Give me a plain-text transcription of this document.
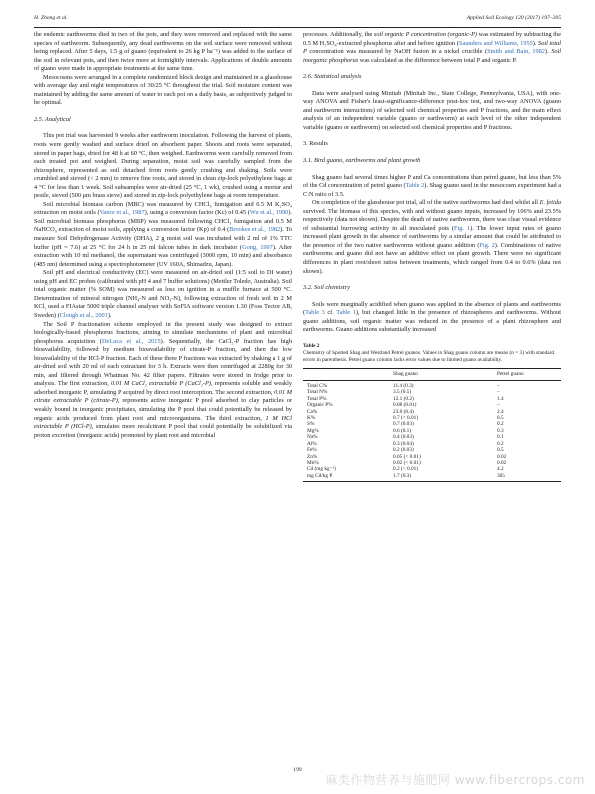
H. Zhong et al.	Applied Soil Ecology 120 (2017) 197–205

the endemic earthworms died in two of the pots, and they were removed and replaced with the same species of earthworm. Subsequently, any dead earthworms on the soil surface were removed without being replaced. After 5 days, 1.5 g of guano (equivalent to 26 kg P ha⁻¹) was added to the surface of the soil in relevant pots, and then twice more at fortnightly intervals. Applications of double amounts of guano were made in appropriate treatments at the same time.

Mesocosms were arranged in a complete randomized block design and maintained in a glasshouse with average day and night temperatures of 30/25 °C throughout the trial. Soil moisture content was maintained by adding the same amount of water to each pot on a daily basis, as subjectively judged to be optimal.

2.5. Analytical

This pot trial was harvested 9 weeks after earthworm inoculation. Following the harvest of plants, roots were gently washed and surface dried on absorbent paper. Shoots and roots were separated, stored in paper bags, dried for 48 h at 60 °C, then weighed. Earthworms were carefully removed from each treated pot and weighed. During separation, moist soil was carefully sampled from the rhizosphere, represented as soil detached from roots gently crushing and shaking. Soils were crumbled and sieved (< 2 mm) to remove fine roots, and stored in clean zip-lock polyethylene bags at 4 °C for less than 1 week. Soil subsamples were air-dried (25 °C, 1 wk), crushed using a mortar and pestle, sieved (500 μm brass sieve) and stored in zip-lock polyethylene bags at room temperature.

Soil microbial biomass carbon (MBC) was measured by CHCl₃ fumigation and 0.5 M K₂SO₄ extraction on moist soils (Vance et al., 1987), using a conversion factor (Kc) of 0.45 (Wu et al., 1990). Soil microbial biomass phosphorus (MBP) was measured following CHCl₃ fumigation and 0.5 M NaHCO₃ extraction of moist soils, applying a conversion factor (Kp) of 0.4 (Brookes et al., 1982). To measure Soil Dehydrogenase Activity (DHA), 2 g moist soil was incubated with 2 ml of 1% TTC buffer (pH = 7.6) at 25 °C for 24 h in 25 ml falcon tubes in dark incubator (Gong, 1997). After extraction with 10 ml methanol, the supernatant was centrifuged (3000 rpm, 10 min) and absorbance (485 nm) determined using a spectrophotometer (UV 160A, Shimadzu, Japan).

Soil pH and electrical conductivity (EC) were measured on air-dried soil (1:5 soil to DI water) using pH and EC probes (calibrated with pH 4 and 7 buffer solutions) (Mettler Toledo, Australia). Soil total organic matter (% SOM) was measured as loss on ignition in a muffle furnace at 500 °C. Determination of mineral nitrogen (NH₄-N and NO₃-N), following extraction of fresh soil in 2 M KCl, used a FIAstar 5000 triple channel analyser with SoFIA software version 1.30 (Foss Tector AB, Sweden) (Clough et al., 2001).

The Soil P fractionation scheme employed in the present study was designed to extract biologically-based phosphorus fractions, aiming to simulate mechanisms of plant and microbial phosphorus acquisition (DeLuca et al., 2015). Sequentially, the CaCl₂-P fraction has high bioavailability, followed by medium bioavailability of citrate-P fraction, and then the low bioavailability of the HCl-P fraction. Each of these three P fractions was extracted by shaking a 1 g of air-dried soil with 20 ml of each extractant for 3 h. Extracts were then centrifuged at 2280g for 30 min, and filtered through Whatman No. 42 filter papers. Filtrates were stored in fridge prior to analysis. The first extraction, 0.01 M CaCl₂ extractable P (CaCl₂-P), represents soluble and weakly adsorbed inorganic P, simulating P acquired by direct root interception. The second extraction, 0.01 M citrate extractable P (citrate-P), represents active inorganic P pool adsorbed to clay particles or weakly bound in inorganic precipitates, simulating the P pool that could potentially be released by organic acids produced from plant root and microorganisms. The third extraction, 1 M HCl extractable P (HCl-P), simulates more recalcitrant P pool that could potentially be solubilized via proton excretion (inorganic acids) promoted by plant root and microbial

processes. Additionally, the soil organic P concentration (organic-P) was estimated by subtracting the 0.5 M H₂SO₄-extracted phosphorus after and before ignition (Saunders and Williams, 1955). Soil total P concentration was measured by NaOH fusion in a nickel crucible (Smith and Bain, 1982). Soil inorganic phosphorus was calculated as the difference between total P and organic P.

2.6. Statistical analysis

Data were analysed using Minitab (Minitab Inc., State College, Pennsylvania, USA), with one-way ANOVA and Fisher's least-significance-difference post-hoc test, and two-way ANOVA (guano and earthworm interactions) of selected soil chemical properties and P fractions, and the main effect analysis of an independent variable (guano or earthworm) at each level of the other independent variable (guano or earthworm) on selected soil chemical properties and P fractions.

3. Results
3.1. Bird guano, earthworms and plant growth

Shag guano had several times higher P and Ca concentrations than petrel guano, but less than 5% of the Cd concentration of petrel guano (Table 2). Shag guano used in the mesocosm experiment had a C:N ratio of 3.5.

On completion of the glasshouse pot trial, all of the native earthworms had died whilst all E. fetida survived. The biomass of this species, with and without guano inputs, increased by 106% and 23.5% respectively (data not shown). Despite the death of native earthworms, there was clear visual evidence of substantial burrowing activity in all inoculated pots (Fig. 1). The lower input rates of guano increased plant growth in the absence of earthworms by a similar amount that could be attributed to the presence of the two native earthworms without guano addition (Fig. 2). Combinations of native earthworms and guano did not have an additive effect on plant growth. There were no significant differences in plant root/shoot ratios between treatments, which ranged from 0.4 to 0.6% (data not shown).

3.2. Soil chemistry

Soils were marginally acidified when guano was applied in the absence of plants and earthworms (Table 3 cf. Table 1), but changed little in the presence of rhizospheres and earthworms. Without guano additions, soil organic matter was reduced in the presence of a plant rhizosphere and earthworms. Guano additions substantially increased

Table 2
Chemistry of Spotted Shag and Westland Petrel guanos. Values in Shag guano column are means (n = 3) with standard errors in parenthesis. Petrel guano column lacks error values due to limited guano availability.
	Shag guano	Petrel guano
Total C%	11.4 (0.3)	–
Total N%	3.5 (0.5)	–
Total P%	12.1 (0.2)	1.4
Organic P%	0.08 (0.01)	–
Ca%	23.0 (0.4)	2.4
K%	0.7 (< 0.01)	0.5
S%	0.7 (0.03)	0.2
Mg%	0.6 (0.1)	0.3
Na%	0.4 (0.03)	0.1
Al%	0.3 (0.04)	0.2
Fe%	0.2 (0.03)	0.5
Zn%	0.05 (< 0.01)	0.02
Mn%	0.02 (< 0.01)	0.02
Cd (mg kg⁻¹)	0.2 (< 0.01)	4.2
mg Cd/kg P	1.7 (0.3)	305
199
麻类作物营养与施肥网 www.fibercrops.com
